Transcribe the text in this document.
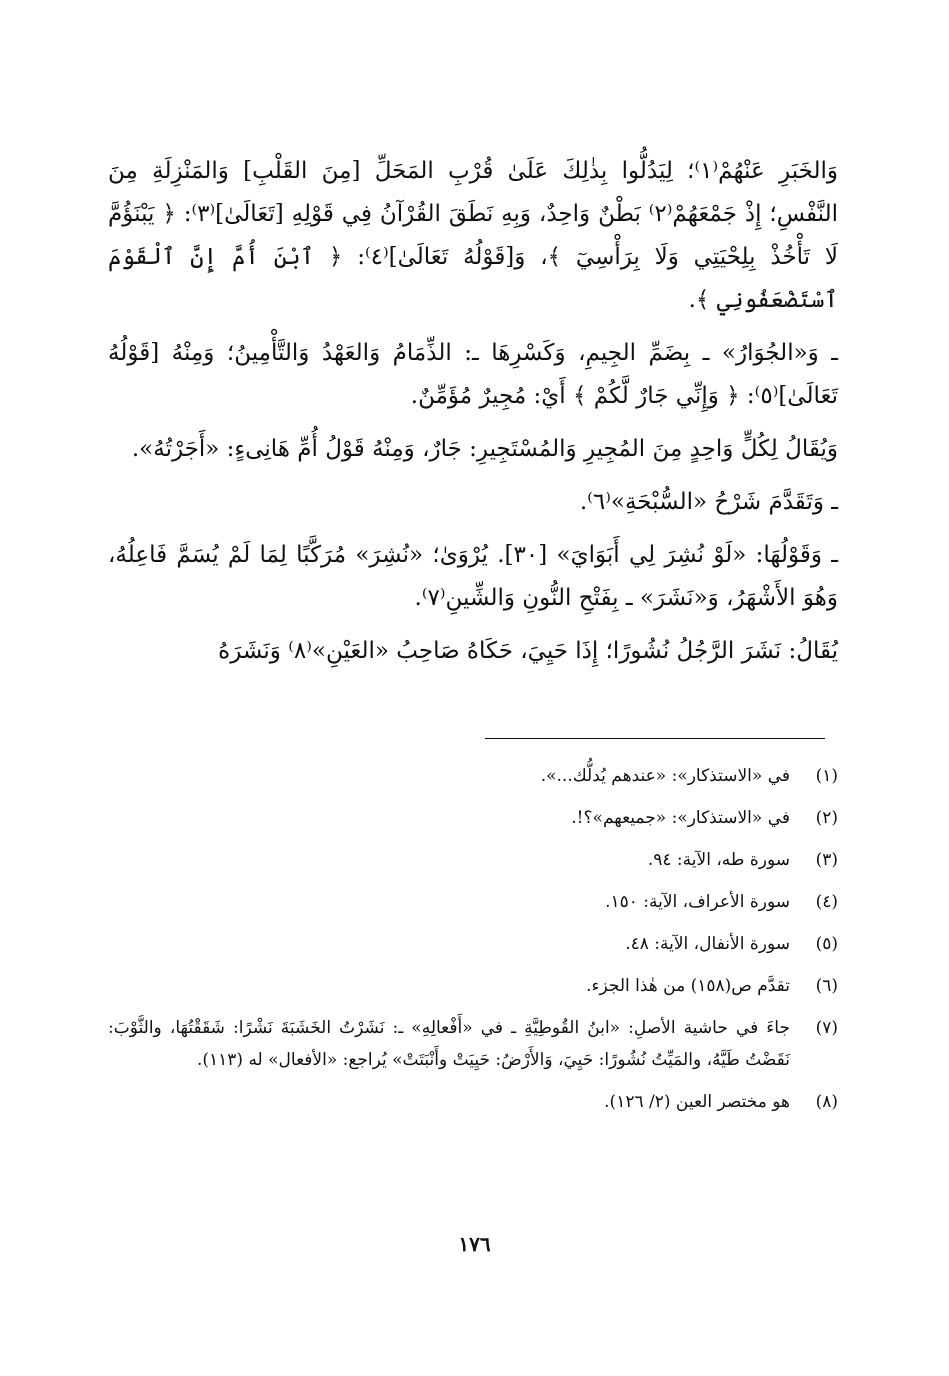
وَالخَبَرِ عَنْهُمْ⁽١⁾؛ لِيَدُلُّوا بِذٰلِكَ عَلَىٰ قُرْبِ المَحَلِّ [مِنَ القَلْبِ] وَالمَنْزِلَةِ مِنَ النَّفْسِ؛ إِذْ جَمْعَهُمْ⁽٢⁾ بَطْنٌ وَاحِدٌ، وَبِهِ نَطَقَ القُرْآنُ فِي قَوْلِهِ [تَعَالَىٰ]⁽٣⁾: ﴿ يَبْنَؤُمَّ لَا تَأْخُذْ بِلِحْيَتِي وَلَا بِرَأْسِيٓ ﴾، وَ[قَوْلُهُ تَعَالَىٰ]⁽٤⁾: ﴿ ٱبْنَ أُمَّ إِنَّ ٱلْقَوْمَ ٱسْتَضْعَفُونِي ﴾.

ـ وَ«الجُوَارُ» ـ بِضَمِّ الجِيمِ، وَكَسْرِهَا ـ: الذِّمَامُ وَالعَهْدُ وَالتَّأْمِينُ؛ وَمِنْهُ [قَوْلُهُ تَعَالَىٰ]⁽٥⁾: ﴿ وَإِنِّي جَارٌ لَّكُمْ ﴾ أَيْ: مُجِيرٌ مُؤَمِّنٌ.

وَيُقَالُ لِكُلٍّ وَاحِدٍ مِنَ المُجِيرِ وَالمُسْتَجِيرِ: جَارٌ، وَمِنْهُ قَوْلُ أُمِّ هَانِىءٍ: «أَجَرْتُهُ».

ـ وَتَقَدَّمَ شَرْحُ «السُّبْحَةِ»⁽٦⁾.

ـ وَقَوْلُهَا: «لَوْ نُشِرَ لِي أَبَوَايَ» [٣٠]. يُرْوَىٰ؛ «نُشِرَ» مُرَكَّبًا لِمَا لَمْ يُسَمَّ فَاعِلُهُ، وَهُوَ الأَشْهَرُ، وَ«نَشَرَ» ـ بِفَتْحِ النُّونِ وَالشِّينِ⁽٧⁾.

يُقَالُ: نَشَرَ الرَّجُلُ نُشُورًا؛ إِذَا حَيِيَ، حَكَاهُ صَاحِبُ «العَيْنِ»⁽٨⁾ وَنَشَرَهُ

(١)
في «الاستذكار»: «عندهم يُدلُّك...».
(٢)
في «الاستذكار»: «جميعهم»؟!.
(٣)
سورة طه، الآية: ٩٤.
(٤)
سورة الأعراف، الآية: ١٥٠.
(٥)
سورة الأنفال، الآية: ٤٨.
(٦)
تقدَّم ص(١٥٨) من هٰذا الجزء.
(٧)
جاءَ في حاشية الأصلِ: «ابنُ القُوطِيَّةِ ـ في «أَفْعالِهِ» ـ: نَشَرْتُ الخَشَبَةَ نَشْرًا: شَقَقْتُهَا، والثَّوْبَ: نَقَضْتُ طَيَّهُ، والمَيِّتُ نُشُورًا: حَيِيَ، وَالأَرْضُ: حَيِيَتْ وأَنْبَتَتْ» يُراجع: «الأفعال» له (١١٣).
(٨)
هو مختصر العين (٢/ ١٢٦).
١٧٦
